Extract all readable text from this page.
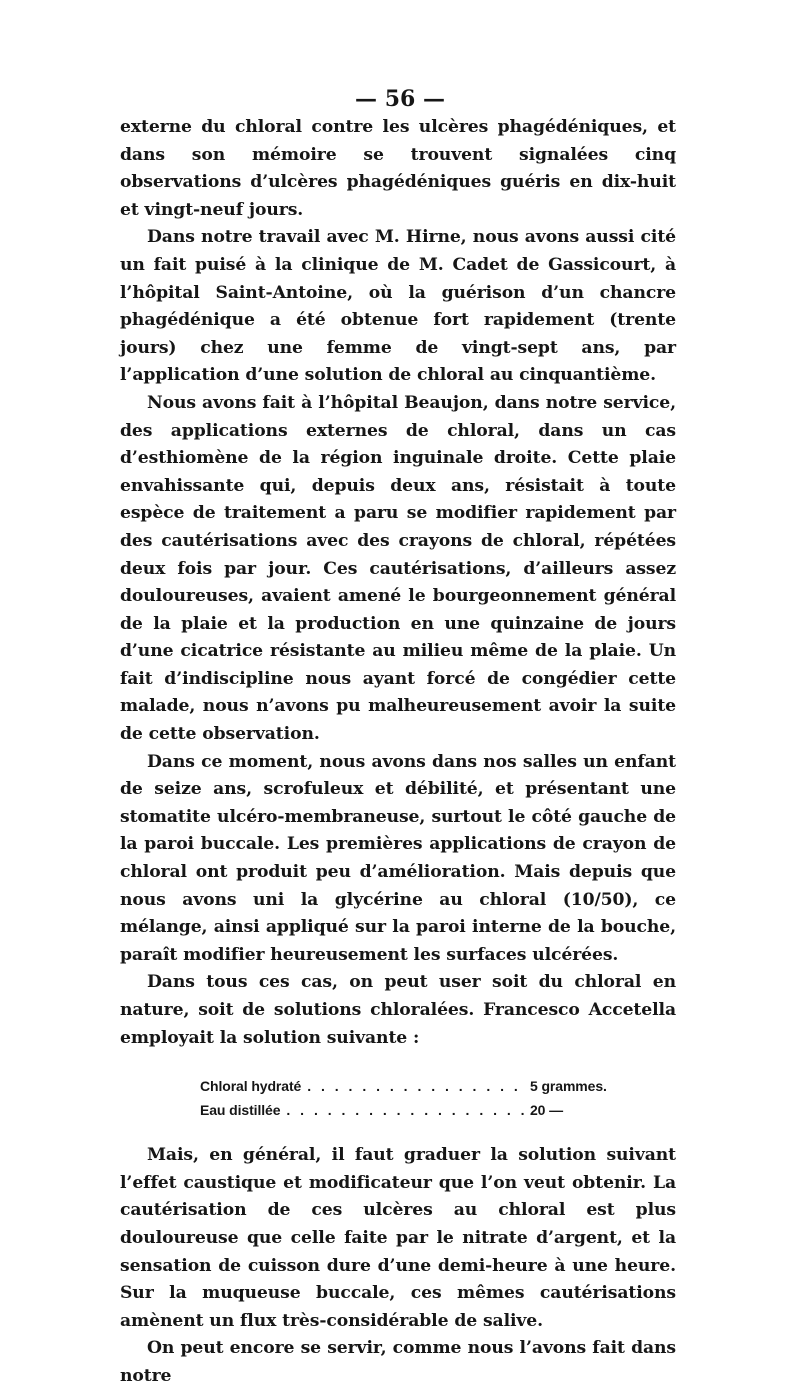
— 56 —

externe du chloral contre les ulcères phagédéniques, et dans son mémoire se trouvent signalées cinq observations d’ulcères phagédéniques guéris en dix-huit et vingt-neuf jours.

Dans notre travail avec M. Hirne, nous avons aussi cité un fait puisé à la clinique de M. Cadet de Gassicourt, à l’hôpital Saint-Antoine, où la guérison d’un chancre phagédénique a été obtenue fort rapidement (trente jours) chez une femme de vingt-sept ans, par l’application d’une solution de chloral au cinquantième.

Nous avons fait à l’hôpital Beaujon, dans notre service, des applications externes de chloral, dans un cas d’esthiomène de la région inguinale droite. Cette plaie envahissante qui, depuis deux ans, résistait à toute espèce de traitement a paru se modifier rapidement par des cautérisations avec des crayons de chloral, répétées deux fois par jour. Ces cautérisations, d’ailleurs assez douloureuses, avaient amené le bourgeonnement général de la plaie et la production en une quinzaine de jours d’une cicatrice résistante au milieu même de la plaie. Un fait d’indiscipline nous ayant forcé de congédier cette malade, nous n’avons pu malheureusement avoir la suite de cette observation.

Dans ce moment, nous avons dans nos salles un enfant de seize ans, scrofuleux et débilité, et présentant une stomatite ulcéro-membraneuse, surtout le côté gauche de la paroi buccale. Les premières applications de crayon de chloral ont produit peu d’amélioration. Mais depuis que nous avons uni la glycérine au chloral (10/50), ce mélange, ainsi appliqué sur la paroi interne de la bouche, paraît modifier heureusement les surfaces ulcérées.

Dans tous ces cas, on peut user soit du chloral en nature, soit de solutions chloralées. Francesco Accetella employait la solution suivante :

Chloral hydraté . . .	5 grammes.
Eau distillée . . .	20 —

Mais, en général, il faut graduer la solution suivant l’effet caustique et modificateur que l’on veut obtenir. La cautérisation de ces ulcères au chloral est plus douloureuse que celle faite par le nitrate d’argent, et la sensation de cuisson dure d’une demi-heure à une heure. Sur la muqueuse buccale, ces mêmes cautérisations amènent un flux très-considérable de salive.

On peut encore se servir, comme nous l’avons fait dans notre
